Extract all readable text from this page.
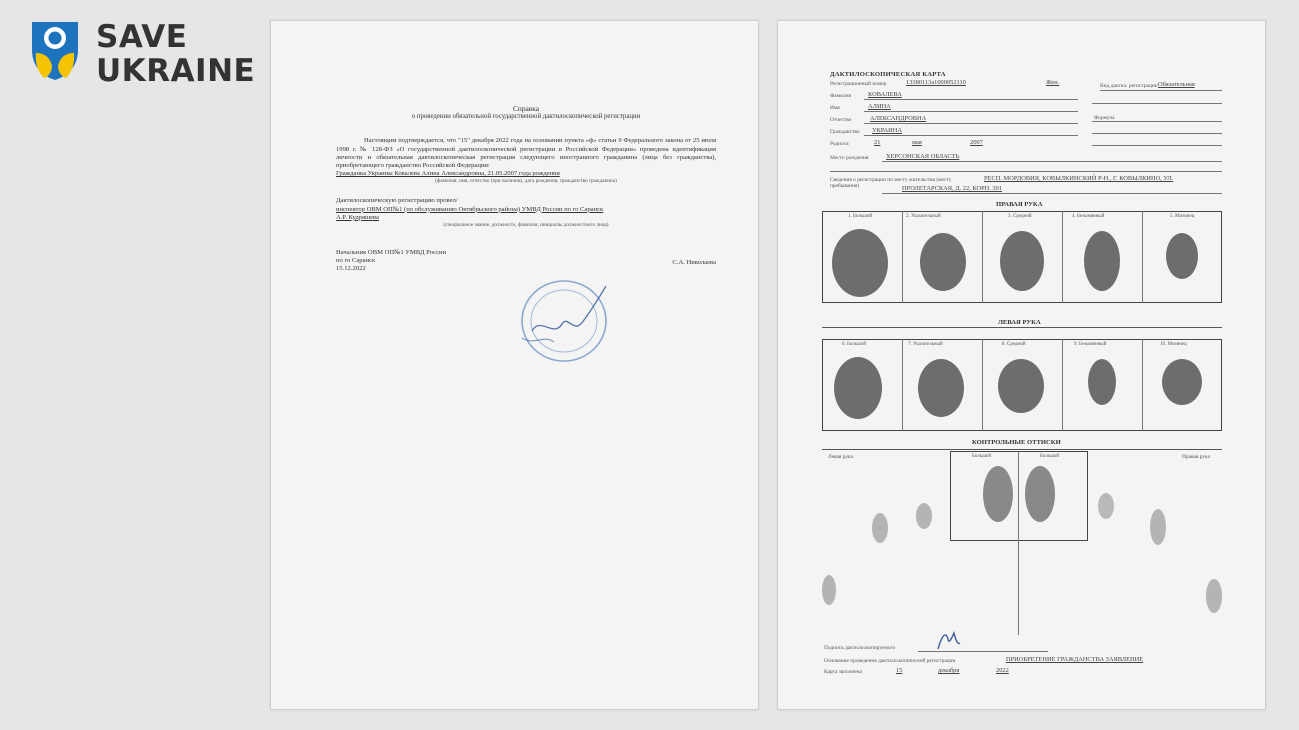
SAVE
UKRAINE
Справка
о проведении обязательной государственной дактилоскопической регистрации

Настоящим подтверждается, что "15" декабря 2022 года на основании пункта «ф» статьи 9 Федерального закона от 25 июля 1998 г. № 128-ФЗ «О государственной дактилоскопической регистрации в Российской Федерации» проведена идентификация личности и обязательная дактилоскопическая регистрация следующего иностранного гражданина (лица без гражданства), приобретающего гражданство Российской Федерации:

Гражданка Украины Ковалева Алина Александровна, 21.05.2007 года рождения
(фамилия, имя, отчество (при наличии), дата рождения, гражданство гражданина)
Дактилоскопическую регистрацию провел/
инспектор ОВМ ОП№1 (по обслуживанию Октябрьского района) УМВД России по го Саранск
А.Р. Кудряшева
(специальное звание, должность, фамилия, инициалы должностного лица)
Начальник ОВМ ОП№1 УМВД России
по го Саранск
15.12.2022
С.А. Николаева
ДАКТИЛОСКОПИЧЕСКАЯ КАРТА
Регистрационный номер	13380113a1000052110	Жен.	Вид дактил. регистрации Обязательная
Фамилия	КОВАЛЕВА
Имя	АЛИНА
Отчество	АЛЕКСАНДРОВНА
Гражданство УКРАИНА
Формула
Родился	21	мая	2007
Место рождения	ХЕРСОНСКАЯ ОБЛАСТЬ
Сведения о регистрации по месту жительства (месту пребывания)
РЕСП. МОРДОВИЯ, КОВЫЛКИНСКИЙ Р-Н., Г. КОВЫЛКИНО, УЛ.
ПРОЛЕТАРСКАЯ, Д. 22, КОРП. 301
ПРАВАЯ РУКА
1. Большой	2. Указательный	3. Средний	4. Безымянный	5. Мизинец
ЛЕВАЯ РУКА
6. Большой	7. Указательный	8. Средний	9. Безымянный	10. Мизинец
КОНТРОЛЬНЫЕ ОТТИСКИ
Левая рука	Правая рука
Большой	Большой
Подпись дактилоскопируемого
Основание проведения дактилоскопической регистрации	ПРИОБРЕТЕНИЕ ГРАЖДАНСТВА ЗАЯВЛЕНИЕ
Карта заполнена	15	декабря	2022
